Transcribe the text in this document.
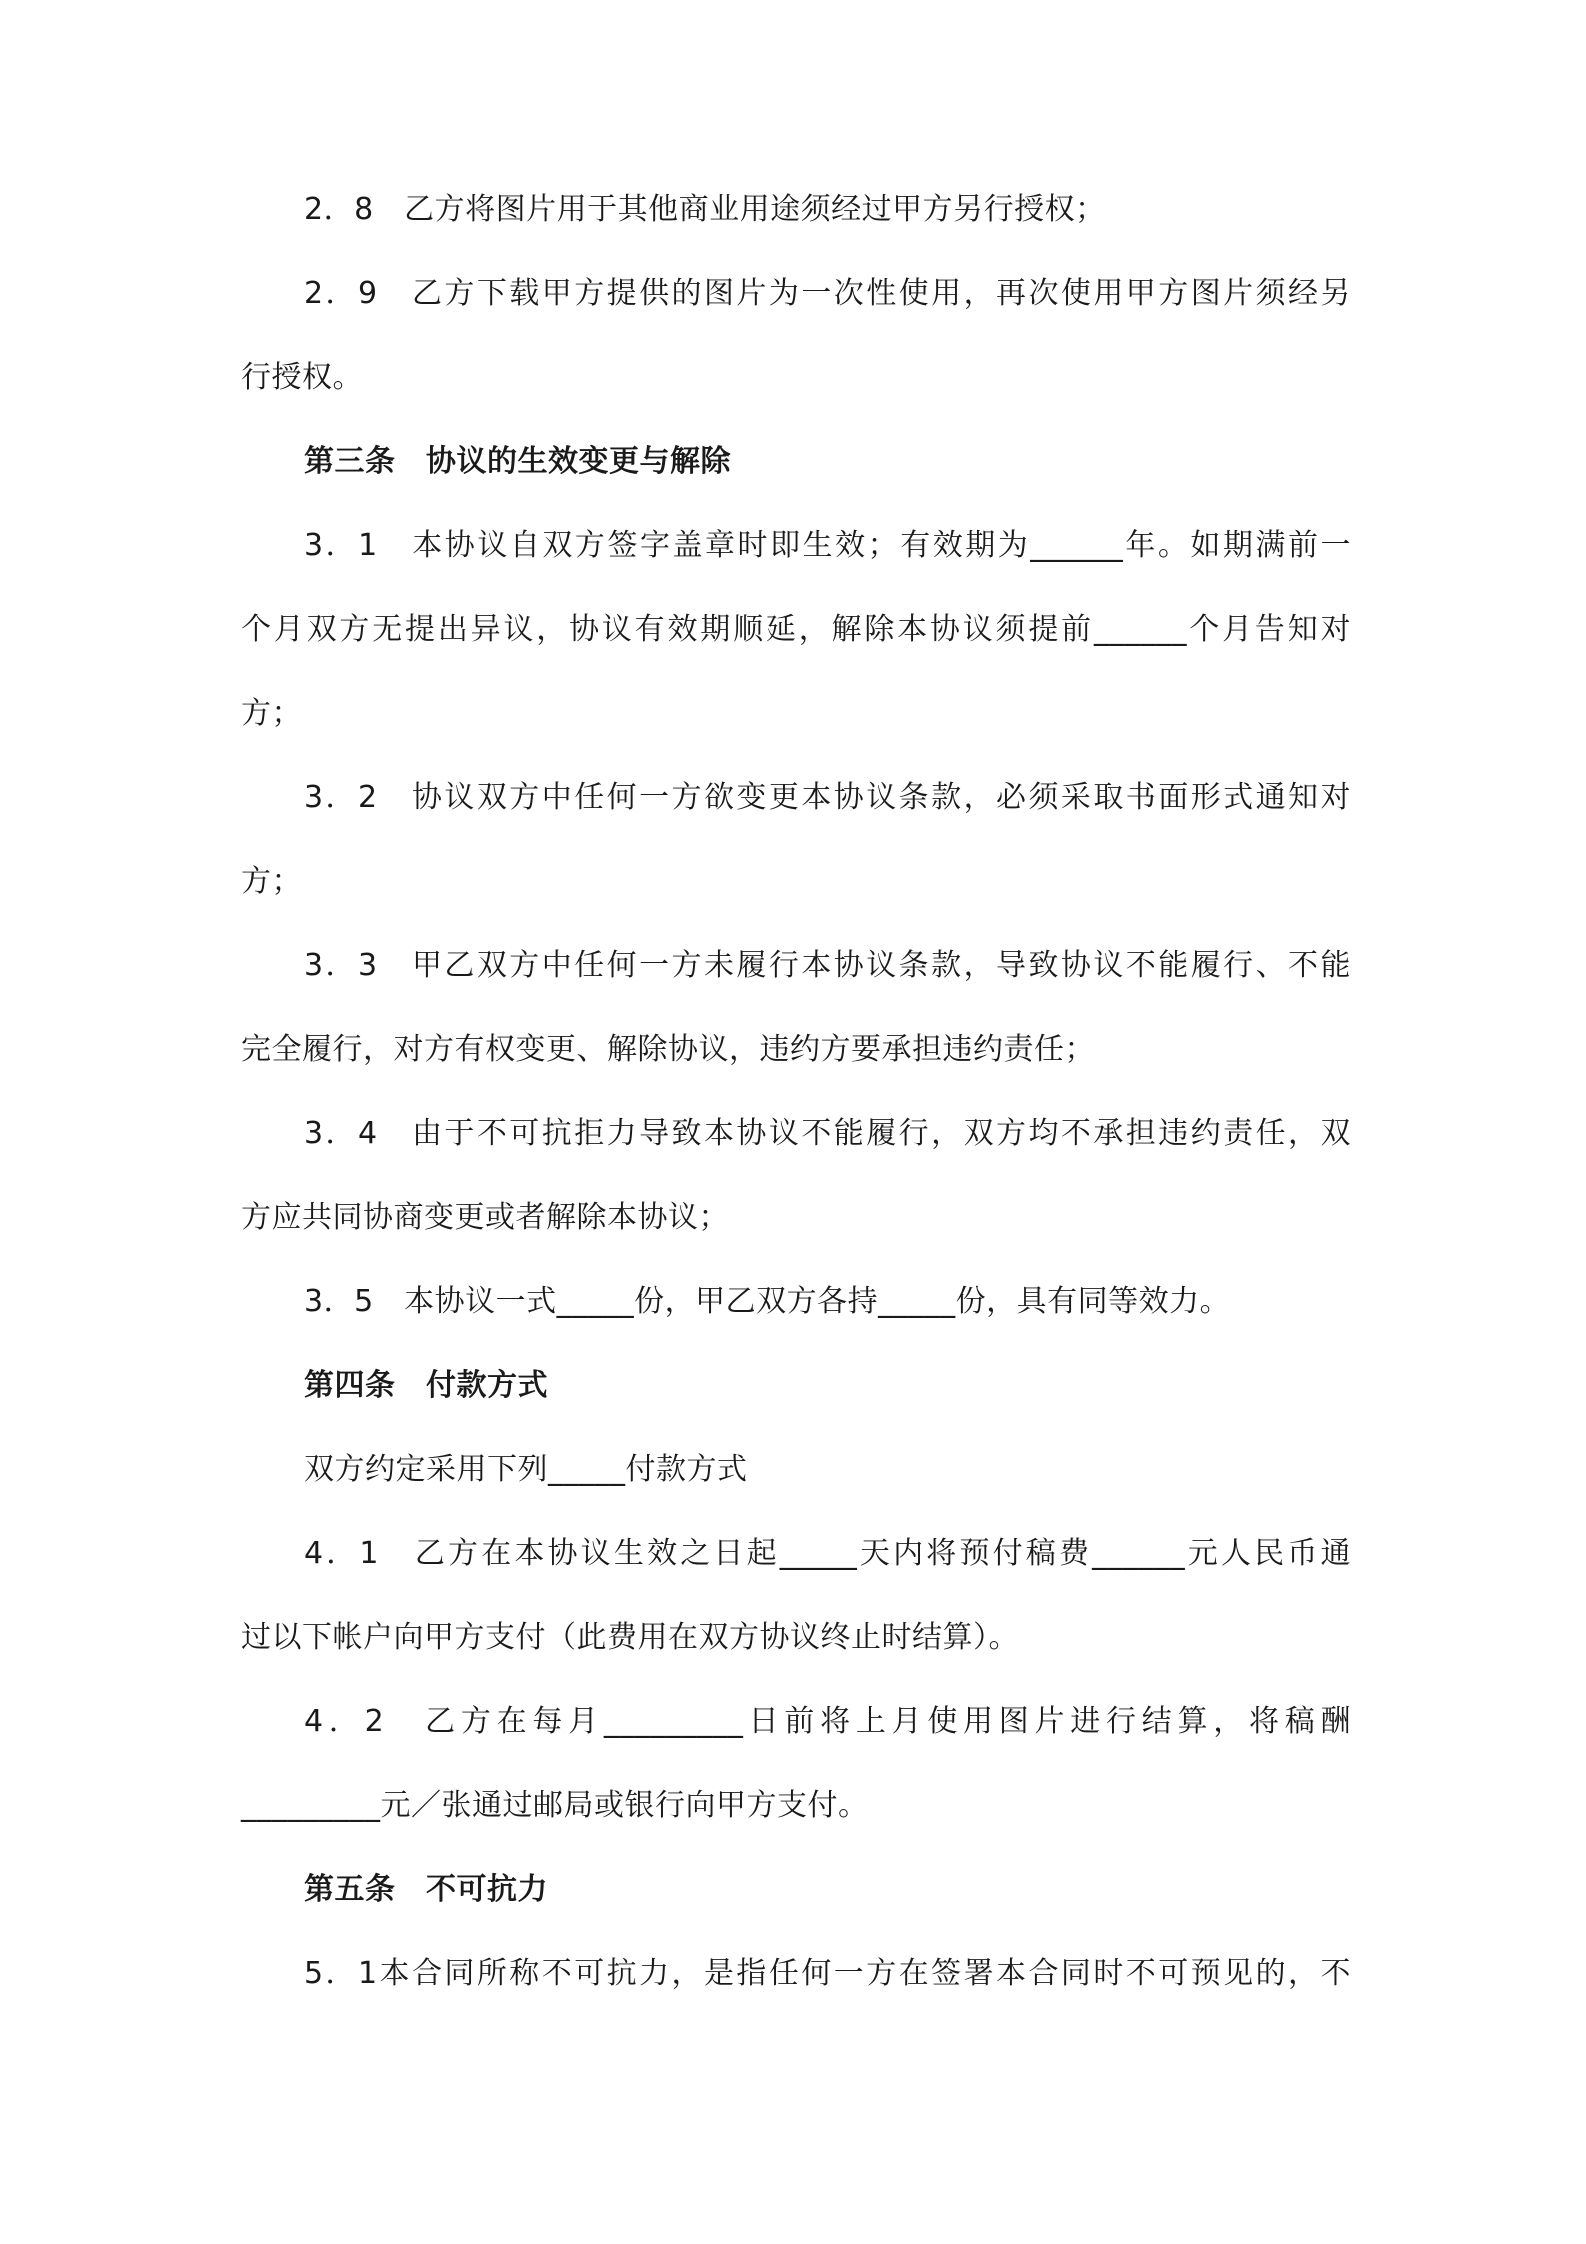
2．8　乙方将图片用于其他商业用途须经过甲方另行授权；
2．9　乙方下载甲方提供的图片为一次性使用，再次使用甲方图片须经另
行授权。
第三条　协议的生效变更与解除
3．1　本协议自双方签字盖章时即生效；有效期为______年。如期满前一
个月双方无提出异议，协议有效期顺延，解除本协议须提前______个月告知对
方；
3．2　协议双方中任何一方欲变更本协议条款，必须采取书面形式通知对
方；
3．3　甲乙双方中任何一方未履行本协议条款，导致协议不能履行、不能
完全履行，对方有权变更、解除协议，违约方要承担违约责任；
3．4　由于不可抗拒力导致本协议不能履行，双方均不承担违约责任，双
方应共同协商变更或者解除本协议；
3．5　本协议一式_____份，甲乙双方各持_____份，具有同等效力。
第四条　付款方式
双方约定采用下列_____付款方式
4．1　乙方在本协议生效之日起_____天内将预付稿费______元人民币通
过以下帐户向甲方支付（此费用在双方协议终止时结算）。
4．2　乙方在每月_________日前将上月使用图片进行结算，将稿酬
_________元／张通过邮局或银行向甲方支付。
第五条　不可抗力
5．1本合同所称不可抗力，是指任何一方在签署本合同时不可预见的，不
